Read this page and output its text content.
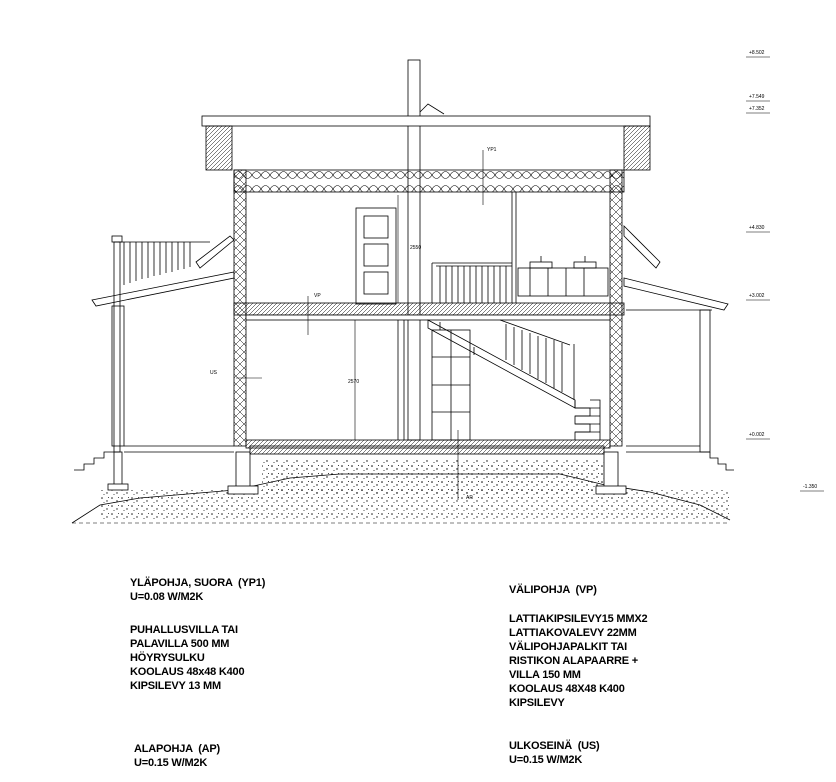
YP1
2550
VP
US
2570
AP
+8.502
+7.549
+7.352
+4.830
+3.002
+0.002
-1.350
YLÄPOHJA, SUORA  (YP1)
U=0.08 W/M2K
PUHALLUSVILLA TAI
PALAVILLA 500 MM
HÖYRYSULKU
KOOLAUS 48x48 K400
KIPSILEVY 13 MM
VÄLIPOHJA  (VP)
LATTIAKIPSILEVY15 MMX2
LATTIAKOVALEVY 22MM
VÄLIPOHJAPALKIT TAI
RISTIKON ALAPAARRE +
VILLA 150 MM
KOOLAUS 48X48 K400
KIPSILEVY
ALAPOHJA  (AP)
U=0.15 W/M2K
ULKOSEINÄ  (US)
U=0.15 W/M2K
